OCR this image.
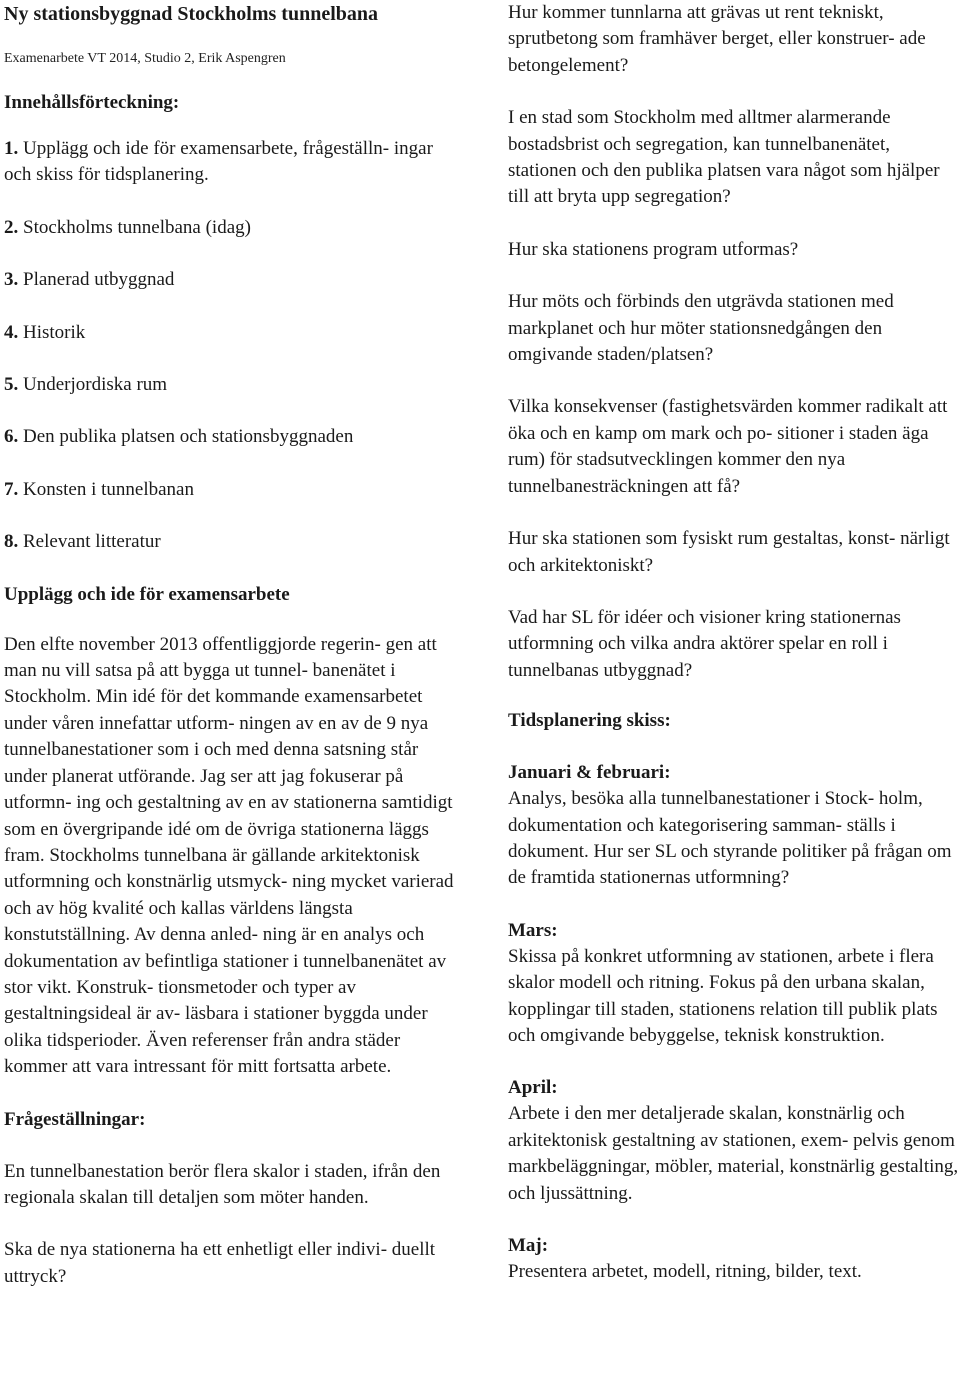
Ny stationsbyggnad Stockholms tunnelbana
Examenarbete VT 2014, Studio 2, Erik Aspengren
Innehållsförteckning:
1. Upplägg och ide för examensarbete, frågeställn- ingar och skiss för tidsplanering.
2. Stockholms tunnelbana (idag)
3. Planerad utbyggnad
4. Historik
5. Underjordiska rum
6. Den publika platsen och stationsbyggnaden
7. Konsten i tunnelbanan
8. Relevant litteratur
Upplägg och ide för examensarbete

Den elfte november 2013 offentliggjorde regerin- gen att man nu vill satsa på att bygga ut tunnel- banenätet i Stockholm. Min idé för det kommande examensarbetet under våren innefattar utform- ningen av en av de 9 nya tunnelbanestationer som i och med denna satsning står under planerat utförande. Jag ser att jag fokuserar på utformn- ing och gestaltning av en av stationerna samtidigt som en övergripande idé om de övriga stationerna läggs fram. Stockholms tunnelbana är gällande arkitektonisk utformning och konstnärlig utsmyck- ning mycket varierad och av hög kvalité och kallas världens längsta konstutställning. Av denna anled- ning är en analys och dokumentation av befintliga stationer i tunnelbanenätet av stor vikt. Konstruk- tionsmetoder och typer av gestaltningsideal är av- läsbara i stationer byggda under olika tidsperioder. Även referenser från andra städer kommer att vara intressant för mitt fortsatta arbete.

Frågeställningar:

En tunnelbanestation berör flera skalor i staden, ifrån den regionala skalan till detaljen som möter handen.

Ska de nya stationerna ha ett enhetligt eller indivi- duellt uttryck?

Hur kommer tunnlarna att grävas ut rent tekniskt, sprutbetong som framhäver berget, eller konstruer- ade betongelement?

I en stad som Stockholm med alltmer alarmerande bostadsbrist och segregation, kan tunnelbanenätet, stationen och den publika platsen vara något som hjälper till att bryta upp segregation?

Hur ska stationens program utformas?

Hur möts och förbinds den utgrävda stationen med markplanet och hur möter stationsnedgången den omgivande staden/platsen?

Vilka konsekvenser (fastighetsvärden kommer radikalt att öka och en kamp om mark och po- sitioner i staden äga rum) för stadsutvecklingen kommer den nya tunnelbanesträckningen att få?

Hur ska stationen som fysiskt rum gestaltas, konst- närligt och arkitektoniskt?

Vad har SL för idéer och visioner kring stationernas utformning och vilka andra aktörer spelar en roll i tunnelbanas utbyggnad?

Tidsplanering skiss:
Januari & februari:

Analys, besöka alla tunnelbanestationer i Stock- holm, dokumentation och kategorisering samman- ställs i dokument. Hur ser SL och styrande politiker på frågan om de framtida stationernas utformning?

Mars:

Skissa på konkret utformning av stationen, arbete i flera skalor modell och ritning. Fokus på den urbana skalan, kopplingar till staden, stationens relation till publik plats och omgivande bebyggelse, teknisk konstruktion.

April:

Arbete i den mer detaljerade skalan, konstnärlig och arkitektonisk gestaltning av stationen, exem- pelvis genom markbeläggningar, möbler, material, konstnärlig gestalting, och ljussättning.

Maj:

Presentera arbetet, modell, ritning, bilder, text.
